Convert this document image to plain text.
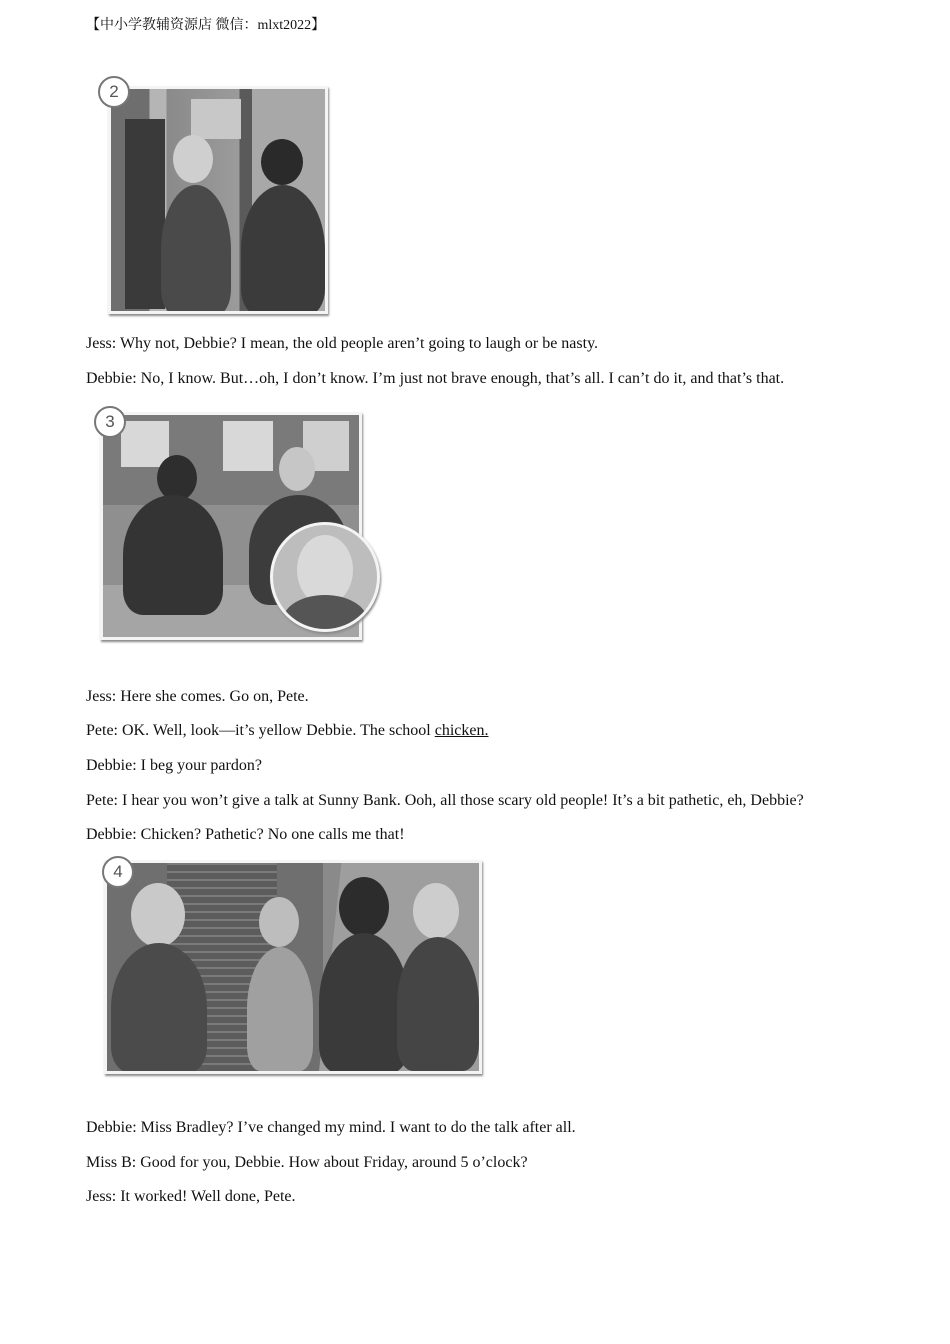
【中小学教辅资源店 微信：mlxt2022】
2
Jess: Why not, Debbie? I mean, the old people aren’t going to laugh or be nasty.
Debbie: No, I know. But…oh, I don’t know. I’m just not brave enough, that’s all. I can’t do it, and that’s that.
3
Jess: Here she comes. Go on, Pete.
Pete: OK. Well, look—it’s yellow Debbie. The school chicken.
Debbie: I beg your pardon?
Pete: I hear you won’t give a talk at Sunny Bank. Ooh, all those scary old people! It’s a bit pathetic, eh, Debbie?
Debbie: Chicken? Pathetic? No one calls me that!
4
Debbie: Miss Bradley? I’ve changed my mind. I want to do the talk after all.
Miss B: Good for you, Debbie. How about Friday, around 5 o’clock?
Jess: It worked! Well done, Pete.
